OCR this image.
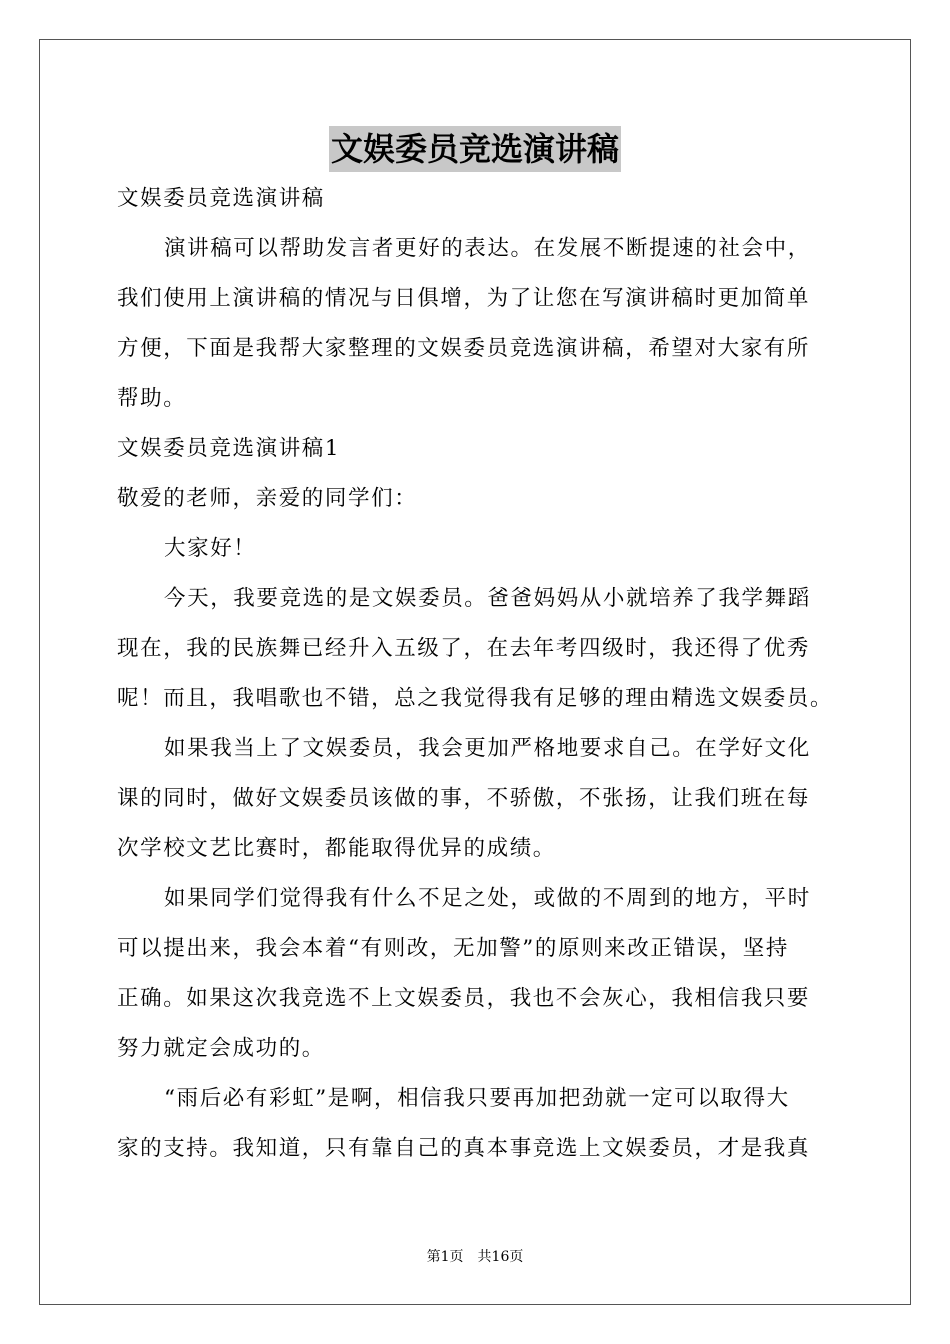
文娱委员竞选演讲稿
文娱委员竞选演讲稿
演讲稿可以帮助发言者更好的表达。在发展不断提速的社会中，
我们使用上演讲稿的情况与日俱增，为了让您在写演讲稿时更加简单
方便，下面是我帮大家整理的文娱委员竞选演讲稿，希望对大家有所
帮助。
文娱委员竞选演讲稿1
敬爱的老师，亲爱的同学们：
大家好！
今天，我要竞选的是文娱委员。爸爸妈妈从小就培养了我学舞蹈
现在，我的民族舞已经升入五级了，在去年考四级时，我还得了优秀
呢！而且，我唱歌也不错，总之我觉得我有足够的理由精选文娱委员。
如果我当上了文娱委员，我会更加严格地要求自己。在学好文化
课的同时，做好文娱委员该做的事，不骄傲，不张扬，让我们班在每
次学校文艺比赛时，都能取得优异的成绩。
如果同学们觉得我有什么不足之处，或做的不周到的地方，平时
可以提出来，我会本着“有则改，无加警”的原则来改正错误，坚持
正确。如果这次我竞选不上文娱委员，我也不会灰心，我相信我只要
努力就定会成功的。
“雨后必有彩虹”是啊，相信我只要再加把劲就一定可以取得大
家的支持。我知道，只有靠自己的真本事竞选上文娱委员，才是我真
第1页　共16页
